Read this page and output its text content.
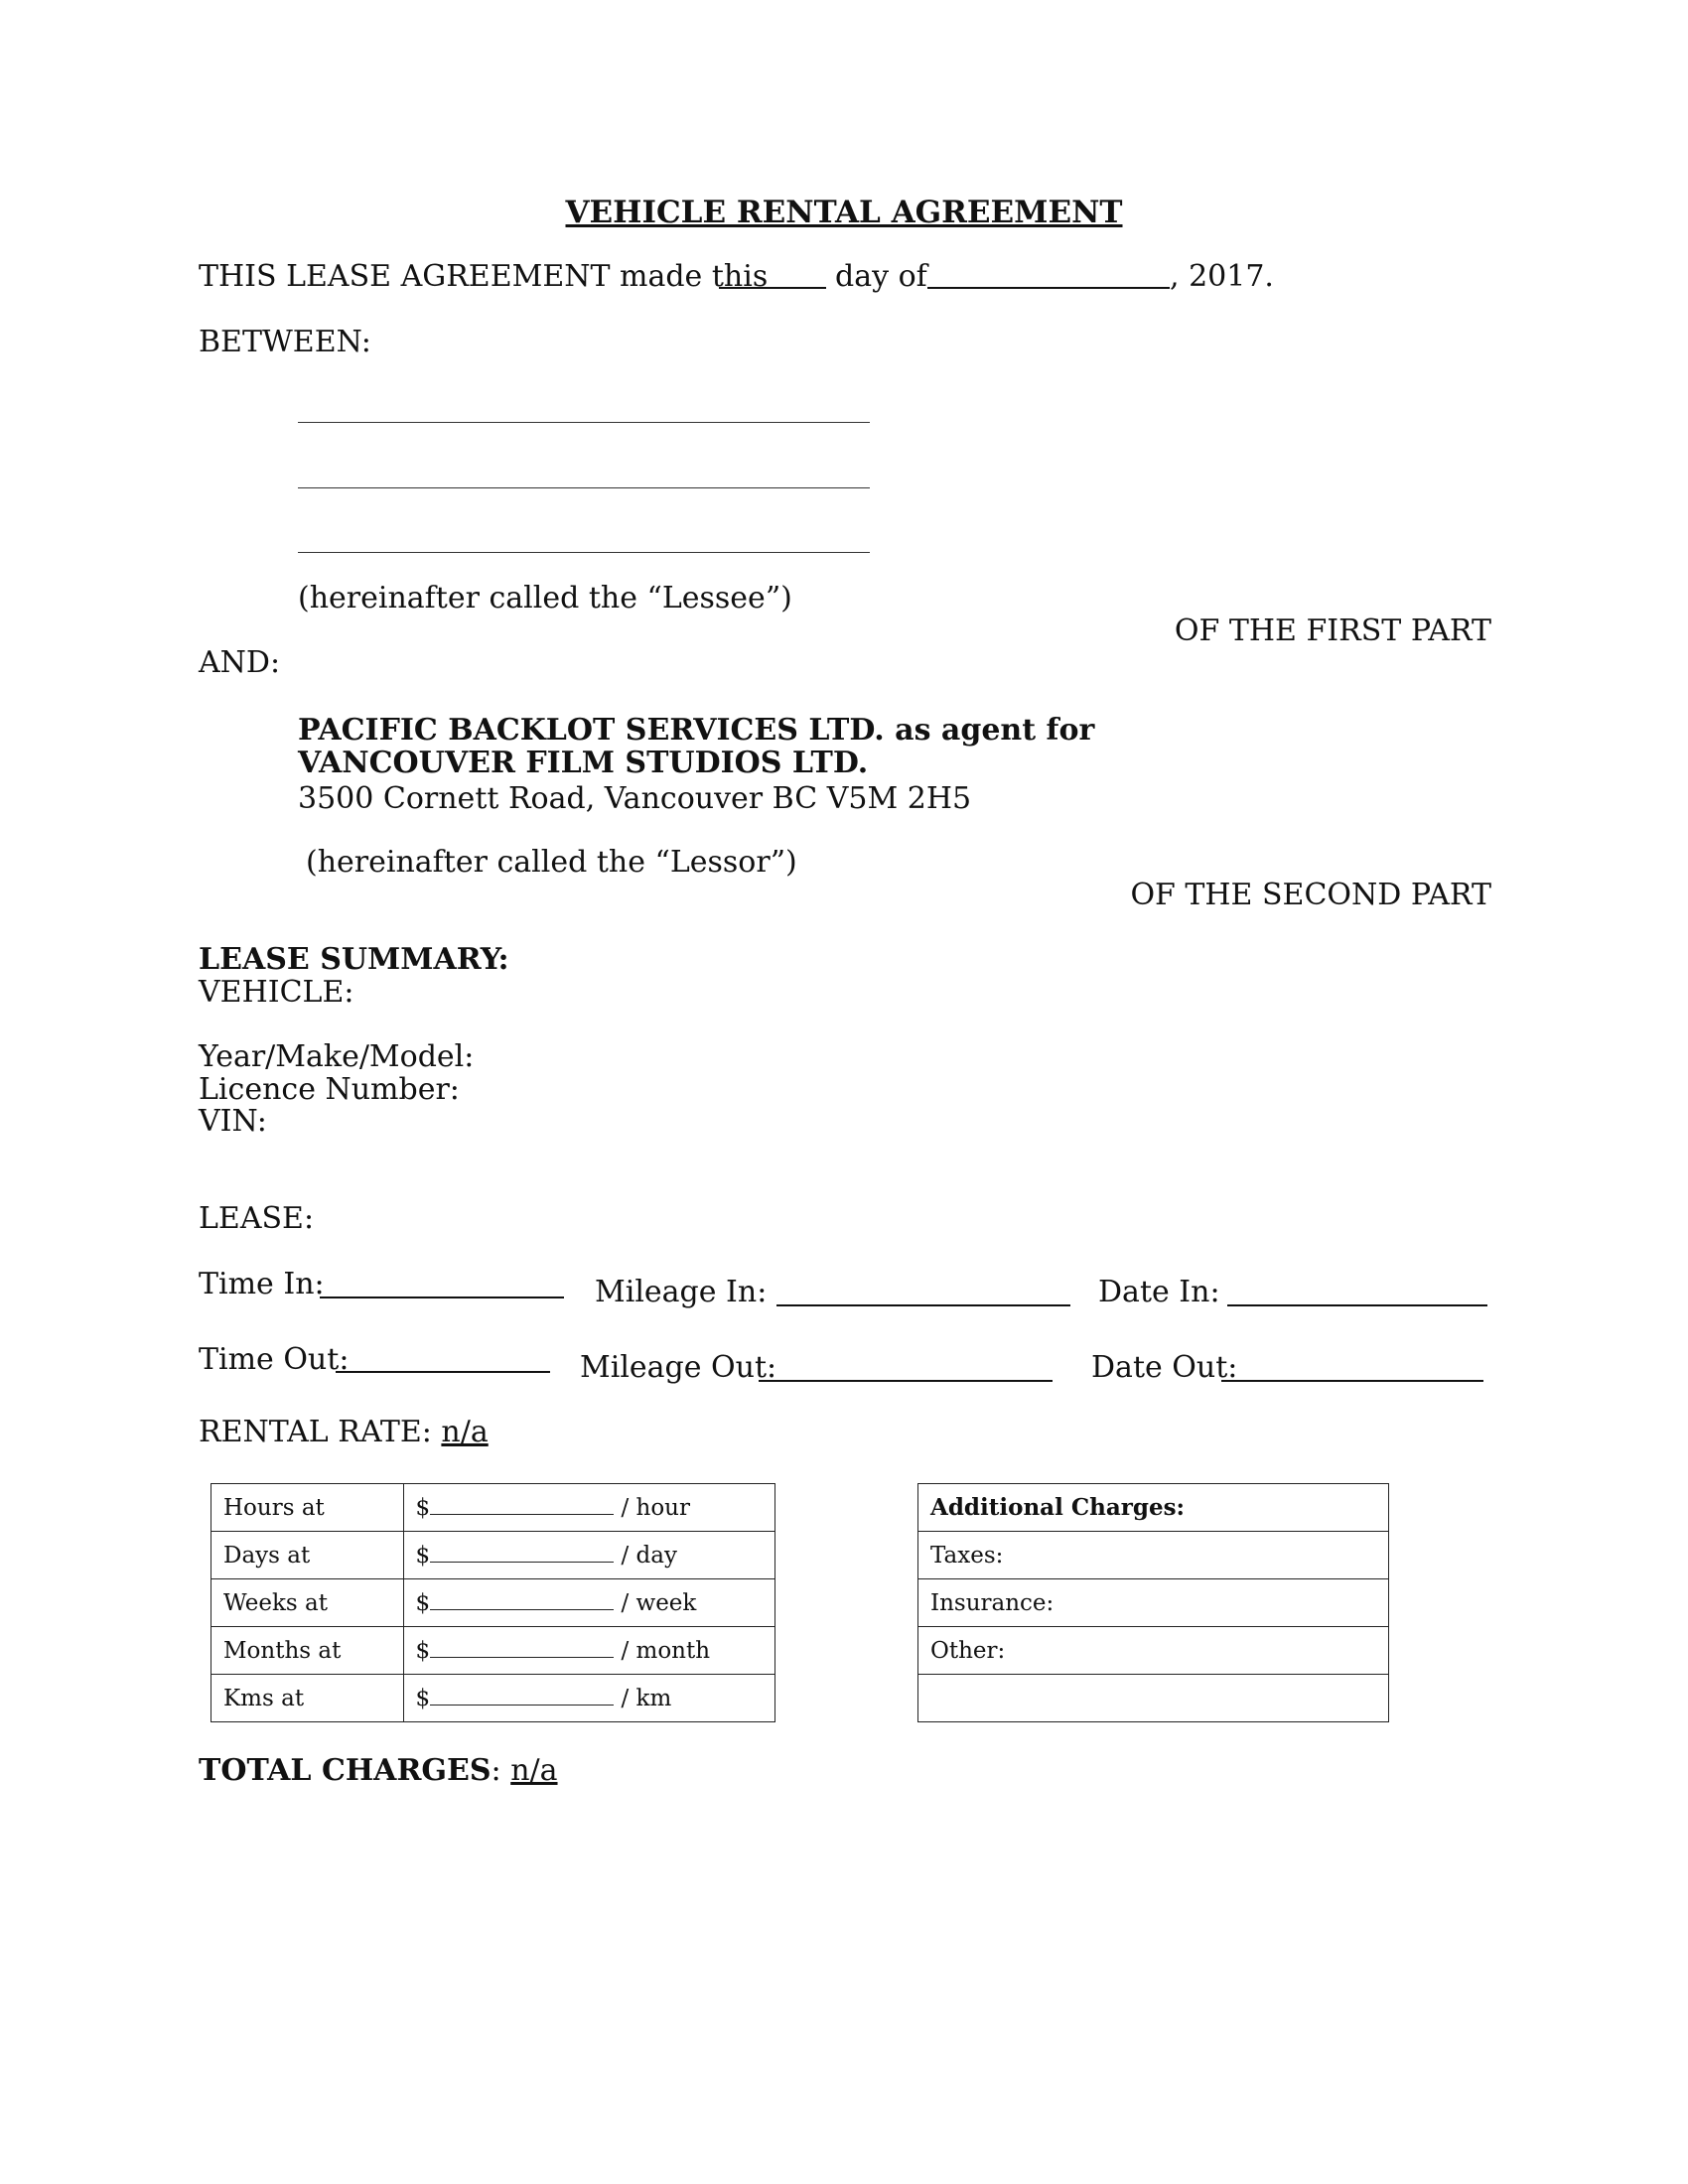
VEHICLE RENTAL AGREEMENT
THIS LEASE AGREEMENT made this day of	, 2017.
BETWEEN:
(hereinafter called the “Lessee”)
OF THE FIRST PART
AND:
PACIFIC BACKLOT SERVICES LTD. as agent for
VANCOUVER FILM STUDIOS LTD.
3500 Cornett Road, Vancouver BC V5M 2H5
(hereinafter called the “Lessor”)
OF THE SECOND PART
LEASE SUMMARY:
VEHICLE:
Year/Make/Model:
Licence Number:
VIN:
LEASE:
Time In:	Mileage In:	Date In:
Time Out:	Mileage Out:	Date Out:
RENTAL RATE: n/a
Hours at	$ / hour
Days at	$ / day
Weeks at	$ / week
Months at	$ / month
Kms at	$ / km
Additional Charges:
Taxes:
Insurance:
Other:

TOTAL CHARGES: n/a
